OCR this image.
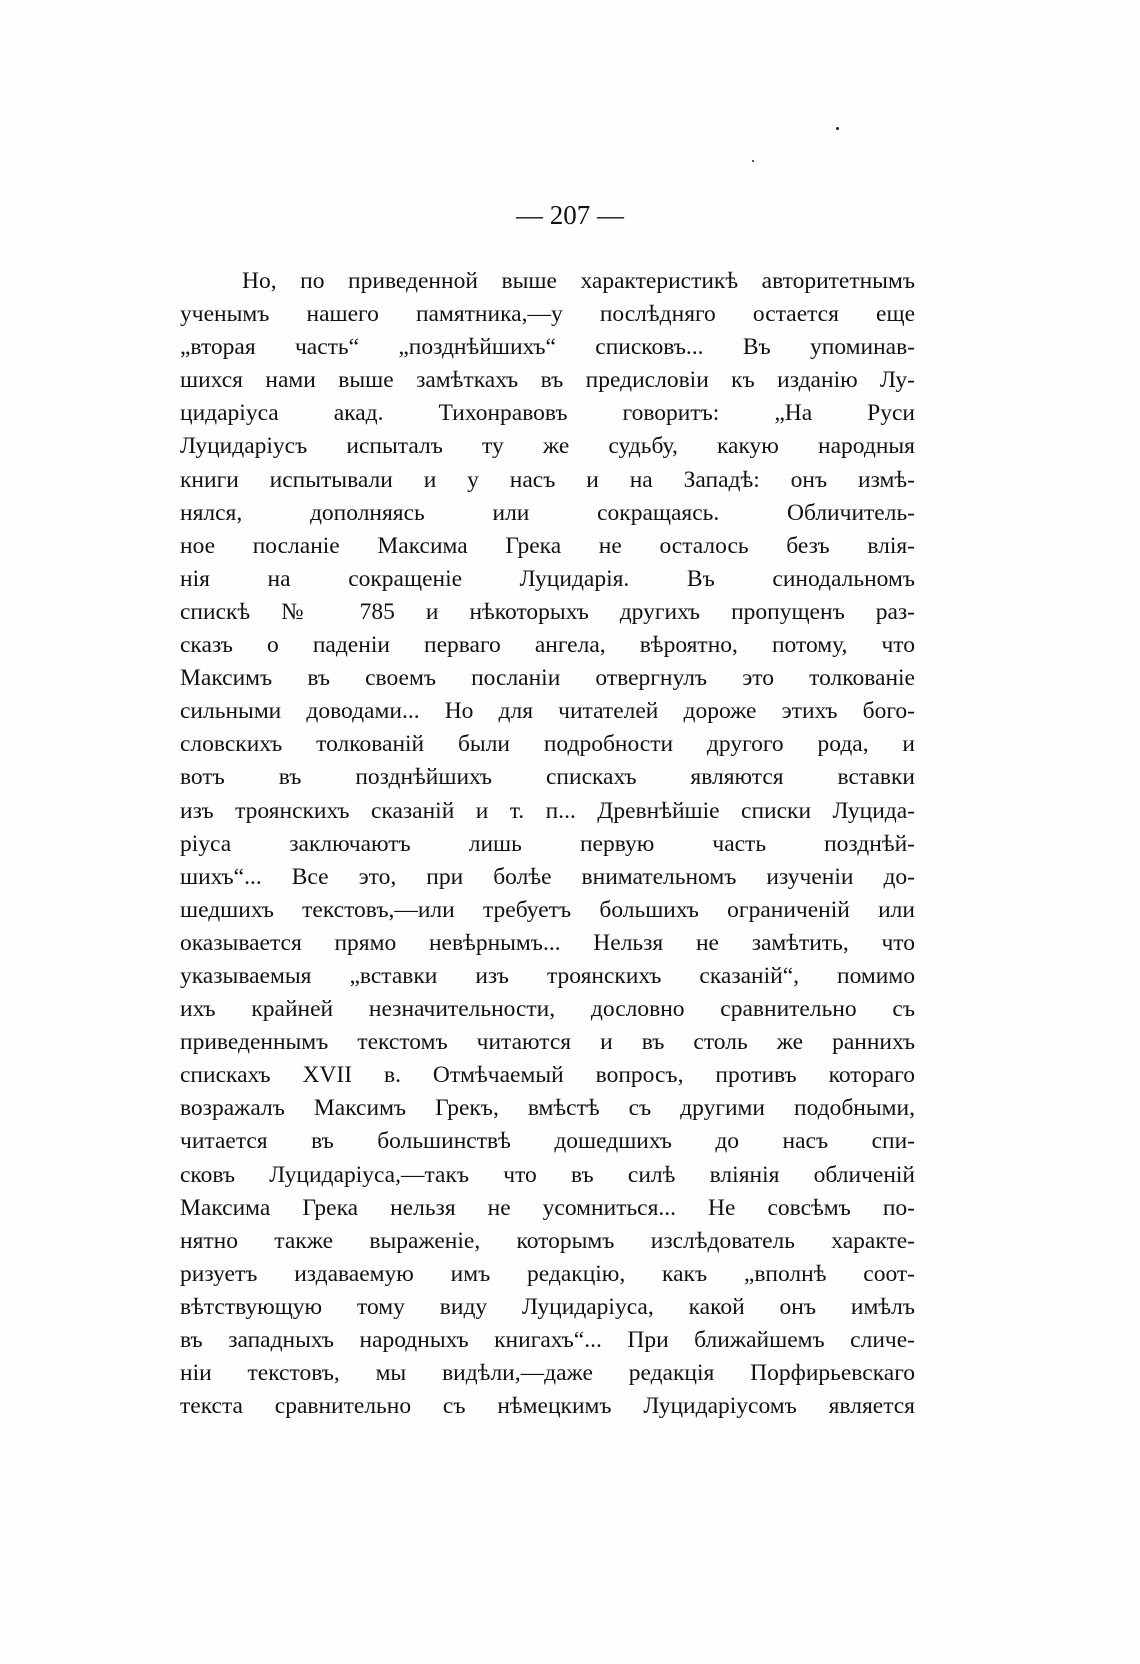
— 207 —
Но, по приведенной выше характеристикѣ авторитетнымъ
ученымъ нашего памятника,—у послѣдняго остается еще
„вторая часть“ „позднѣйшихъ“ списковъ... Въ упоминав-
шихся нами выше замѣткахъ въ предисловіи къ изданію Лу-
цидаріуса акад. Тихонравовъ говоритъ: „На Руси
Луцидаріусъ испыталъ ту же судьбу, какую народныя
книги испытывали и у насъ и на Западѣ: онъ измѣ-
нялся, дополняясь или сокращаясь. Обличитель-
ное посланіе Максима Грека не осталось безъ влія-
нія на сокращеніе Луцидарія. Въ синодальномъ
спискѣ № 785 и нѣкоторыхъ другихъ пропущенъ раз-
сказъ о паденіи перваго ангела, вѣроятно, потому, что
Максимъ въ своемъ посланіи отвергнулъ это толкованіе
сильными доводами... Но для читателей дороже этихъ бого-
словскихъ толкованій были подробности другого рода, и
вотъ въ позднѣйшихъ спискахъ являются вставки
изъ троянскихъ сказаній и т. п... Древнѣйшіе списки Луцида-
ріуса заключаютъ лишь первую часть позднѣй-
шихъ“... Все это, при болѣе внимательномъ изученіи до-
шедшихъ текстовъ,—или требуетъ большихъ ограниченій или
оказывается прямо невѣрнымъ... Нельзя не замѣтить, что
указываемыя „вставки изъ троянскихъ сказаній“, помимо
ихъ крайней незначительности, дословно сравнительно съ
приведеннымъ текстомъ читаются и въ столь же раннихъ
спискахъ XVII в. Отмѣчаемый вопросъ, противъ котораго
возражалъ Максимъ Грекъ, вмѣстѣ съ другими подобными,
читается въ большинствѣ дошедшихъ до насъ спи-
сковъ Луцидаріуса,—такъ что въ силѣ вліянія обличеній
Максима Грека нельзя не усомниться... Не совсѣмъ по-
нятно также выраженіе, которымъ изслѣдователь характе-
ризуетъ издаваемую имъ редакцію, какъ „вполнѣ соот-
вѣтствующую тому виду Луцидаріуса, какой онъ имѣлъ
въ западныхъ народныхъ книгахъ“... При ближайшемъ сличе-
ніи текстовъ, мы видѣли,—даже редакція Порфирьевскаго
текста сравнительно съ нѣмецкимъ Луцидаріусомъ является
